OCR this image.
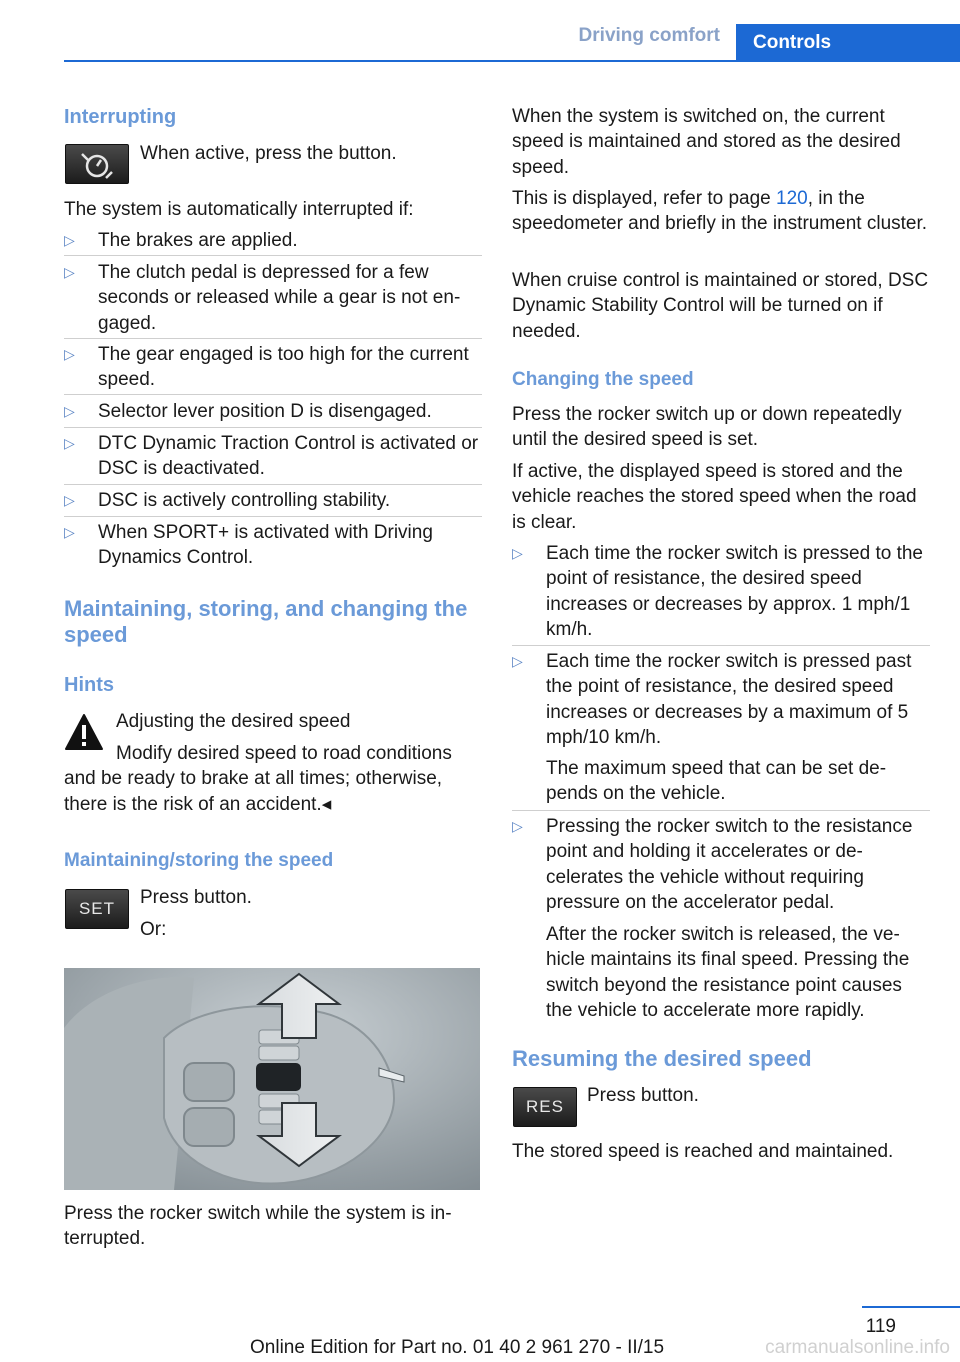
Driving comfort	Controls
Interrupting
When active, press the button.
The system is automatically interrupted if:
▷ The brakes are applied.
▷ The clutch pedal is depressed for a few seconds or released while a gear is not engaged.
▷ The gear engaged is too high for the current speed.
▷ Selector lever position D is disengaged.
▷ DTC Dynamic Traction Control is activated or DSC is deactivated.
▷ DSC is actively controlling stability.
▷ When SPORT+ is activated with Driving Dynamics Control.
Maintaining, storing, and changing the speed
Hints
Adjusting the desired speed
Modify desired speed to road conditions and be ready to brake at all times; otherwise, there is the risk of an accident.◂
Maintaining/storing the speed
SET
Press button.
Or:
Press the rocker switch while the system is interrupted.
When the system is switched on, the current speed is maintained and stored as the desired speed.
This is displayed, refer to page 120, in the speedometer and briefly in the instrument cluster.
When cruise control is maintained or stored, DSC Dynamic Stability Control will be turned on if needed.
Changing the speed
Press the rocker switch up or down repeatedly until the desired speed is set.
If active, the displayed speed is stored and the vehicle reaches the stored speed when the road is clear.
▷ Each time the rocker switch is pressed to the point of resistance, the desired speed increases or decreases by approx. 1 mph/1 km/h.
▷ Each time the rocker switch is pressed past the point of resistance, the desired speed increases or decreases by a maximum of 5 mph/10 km/h.
The maximum speed that can be set depends on the vehicle.
▷ Pressing the rocker switch to the resistance point and holding it accelerates or decelerates the vehicle without requiring pressure on the accelerator pedal.
After the rocker switch is released, the vehicle maintains its final speed. Pressing the switch beyond the resistance point causes the vehicle to accelerate more rapidly.
Resuming the desired speed
RES
Press button.
The stored speed is reached and maintained.
119
Online Edition for Part no. 01 40 2 961 270 - II/15	carmanualsonline.info
